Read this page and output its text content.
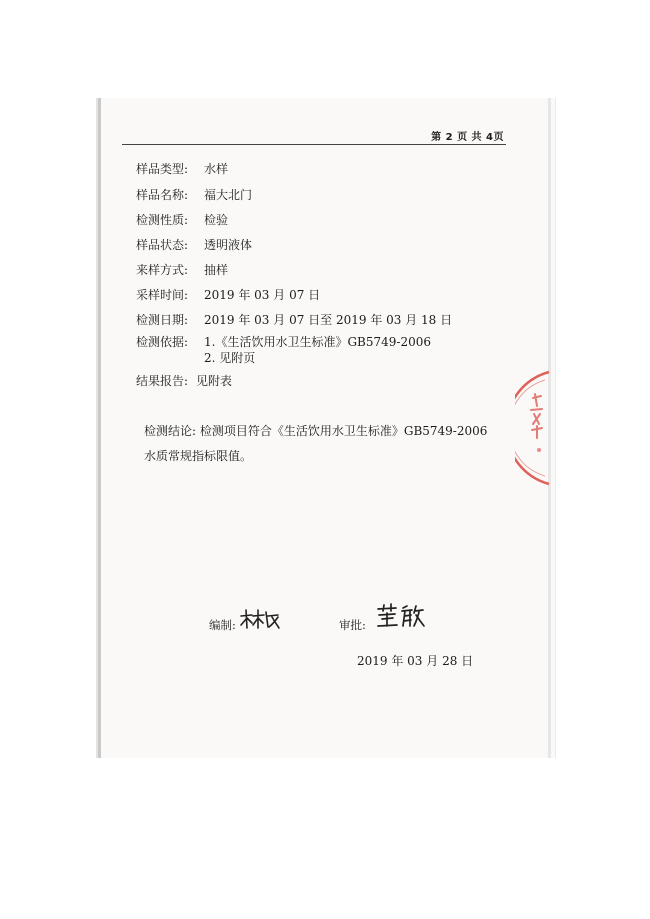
第 2 页 共 4页
样品类型: 水样
样品名称: 福大北门
检测性质: 检验
样品状态: 透明液体
来样方式: 抽样
采样时间: 2019 年 03 月 07 日
检测日期: 2019 年 03 月 07 日至 2019 年 03 月 18 日
检测依据: 1.《生活饮用水卫生标准》GB5749-2006
2. 见附页
结果报告: 见附表
检测结论: 检测项目符合《生活饮用水卫生标准》GB5749-2006
水质常规指标限值。
编制:	审批:
2019 年 03 月 28 日
